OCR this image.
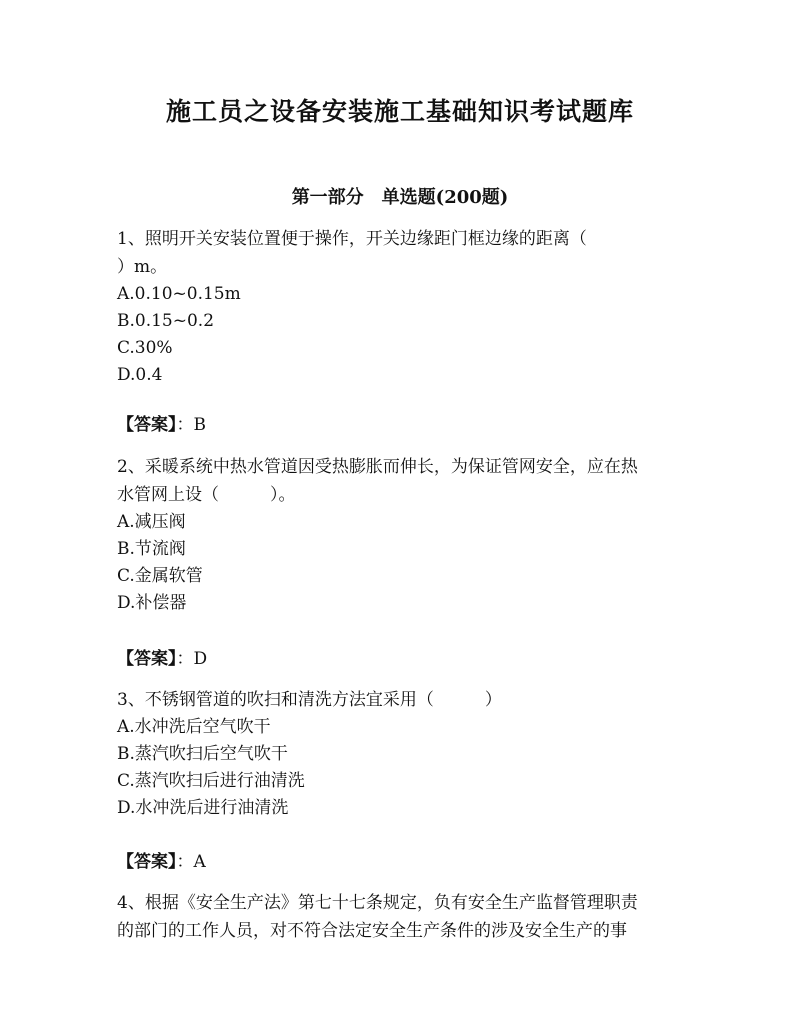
施工员之设备安装施工基础知识考试题库
第一部分　单选题(200题)
1、照明开关安装位置便于操作，开关边缘距门框边缘的距离（
）m。
A.0.10~0.15m
B.0.15~0.2
C.30%
D.0.4
【答案】：B
2、采暖系统中热水管道因受热膨胀而伸长，为保证管网安全，应在热
水管网上设（　　　）。
A.减压阀
B.节流阀
C.金属软管
D.补偿器
【答案】：D
3、不锈钢管道的吹扫和清洗方法宜采用（　　　）
A.水冲洗后空气吹干
B.蒸汽吹扫后空气吹干
C.蒸汽吹扫后进行油清洗
D.水冲洗后进行油清洗
【答案】：A
4、根据《安全生产法》第七十七条规定，负有安全生产监督管理职责
的部门的工作人员，对不符合法定安全生产条件的涉及安全生产的事
